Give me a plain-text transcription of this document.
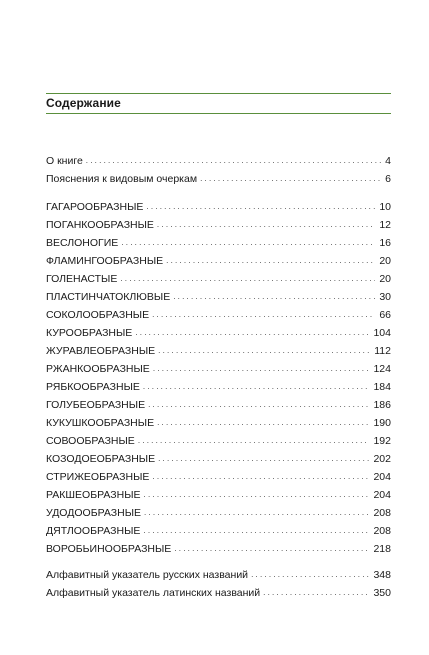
Содержание
О книге . . .	4
Пояснения к видовым очеркам . . .	6
ГАГАРООБРАЗНЫЕ . . .	10
ПОГАНКООБРАЗНЫЕ . . .	12
ВЕСЛОНОГИЕ . . .	16
ФЛАМИНГООБРАЗНЫЕ . . .	20
ГОЛЕНАСТЫЕ . . .	20
ПЛАСТИНЧАТОКЛЮВЫЕ . . .	30
СОКОЛООБРАЗНЫЕ . . .	66
КУРООБРАЗНЫЕ . . .	104
ЖУРАВЛЕОБРАЗНЫЕ . . .	112
РЖАНКООБРАЗНЫЕ . . .	124
РЯБКООБРАЗНЫЕ . . .	184
ГОЛУБЕОБРАЗНЫЕ . . .	186
КУКУШКООБРАЗНЫЕ . . .	190
СОВООБРАЗНЫЕ . . .	192
КОЗОДОЕОБРАЗНЫЕ . . .	202
СТРИЖЕОБРАЗНЫЕ . . .	204
РАКШЕОБРАЗНЫЕ . . .	204
УДОДООБРАЗНЫЕ . . .	208
ДЯТЛООБРАЗНЫЕ . . .	208
ВОРОБЬИНООБРАЗНЫЕ . . .	218
Алфавитный указатель русских названий . . .	348
Алфавитный указатель латинских названий . . .	350
